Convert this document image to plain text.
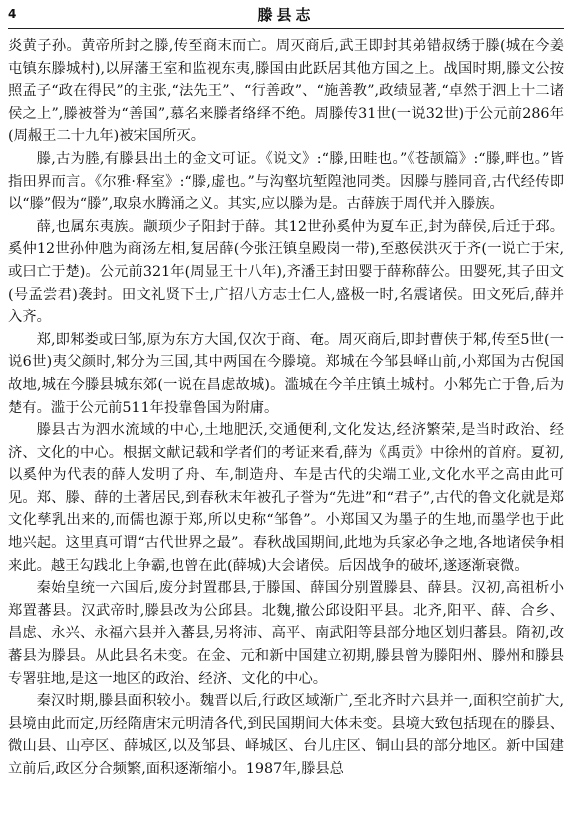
4	滕县志

炎黄子孙。黄帝所封之滕,传至商末而亡。周灭商后,武王即封其弟错叔绣于滕(城在今姜屯镇东滕城村),以屏藩王室和监视东夷,滕国由此跃居其他方国之上。战国时期,滕文公按照孟子“政在得民”的主张,“法先王”、“行善政”、“施善教”,政绩显著,“卓然于泗上十二诸侯之上”,滕被誉为“善国”,慕名来滕者络绎不绝。周滕传31世(一说32世)于公元前286年(周赧王二十九年)被宋国所灭。

滕,古为塍,有滕县出土的金文可证。《说文》:“滕,田畦也。”《苍颉篇》:“滕,畔也。”皆指田界而言。《尔雅·释室》:“滕,虚也。”与沟壑坑堑隍池同类。因滕与塍同音,古代经传即以“滕”假为“滕”,取泉水腾涌之义。其实,应以滕为是。古薛族于周代并入滕族。

薛,也属东夷族。颛顼少子阳封于薛。其12世孙奚仲为夏车正,封为薛侯,后迁于邳。奚仲12世孙仲虺为商汤左相,复居薛(今张汪镇皇殿岗一带),至憨侯洪灭于齐(一说亡于宋,或曰亡于楚)。公元前321年(周显王十八年),齐潘王封田婴于薛称薛公。田婴死,其子田文(号孟尝君)袭封。田文礼贤下士,广招八方志士仁人,盛极一时,名震诸侯。田文死后,薛并入齐。

郑,即邾娄或曰邹,原为东方大国,仅次于商、奄。周灭商后,即封曹侠于邾,传至5世(一说6世)夷父颜时,邾分为三国,其中两国在今滕境。郑城在今邹县峄山前,小郑国为古倪国故地,城在今滕县城东郊(一说在昌虑故城)。滥城在今羊庄镇土城村。小邾先亡于鲁,后为楚有。滥于公元前511年投靠鲁国为附庸。

滕县古为泗水流域的中心,土地肥沃,交通便利,文化发达,经济繁荣,是当时政治、经济、文化的中心。根据文献记载和学者们的考证来看,薛为《禹贡》中徐州的首府。夏初,以奚仲为代表的薛人发明了舟、车,制造舟、车是古代的尖端工业,文化水平之高由此可见。郑、滕、薛的土著居民,到春秋末年被孔子誉为“先进”和“君子”,古代的鲁文化就是郑文化孳乳出来的,而儒也源于郑,所以史称“邹鲁”。小郑国又为墨子的生地,而墨学也于此地兴起。这里真可谓“古代世界之最”。春秋战国期间,此地为兵家必争之地,各地诸侯争相来此。越王勾践北上争霸,也曾在此(薛城)大会诸侯。后因战争的破坏,遂逐渐衰微。

秦始皇统一六国后,废分封置郡县,于滕国、薛国分别置滕县、薛县。汉初,高祖析小郑置蕃县。汉武帝时,滕县改为公邱县。北魏,撤公邱设阳平县。北齐,阳平、薛、合乡、昌虑、永兴、永福六县并入蕃县,另将沛、高平、南武阳等县部分地区划归蕃县。隋初,改蕃县为滕县。从此县名未变。在金、元和新中国建立初期,滕县曾为滕阳州、滕州和滕县专署驻地,是这一地区的政治、经济、文化的中心。

秦汉时期,滕县面积较小。魏晋以后,行政区域渐广,至北齐时六县并一,面积空前扩大,县境由此而定,历经隋唐宋元明清各代,到民国期间大体未变。县境大致包括现在的滕县、微山县、山亭区、薛城区,以及邹县、峄城区、台儿庄区、铜山县的部分地区。新中国建立前后,政区分合频繁,面积逐渐缩小。1987年,滕县总
